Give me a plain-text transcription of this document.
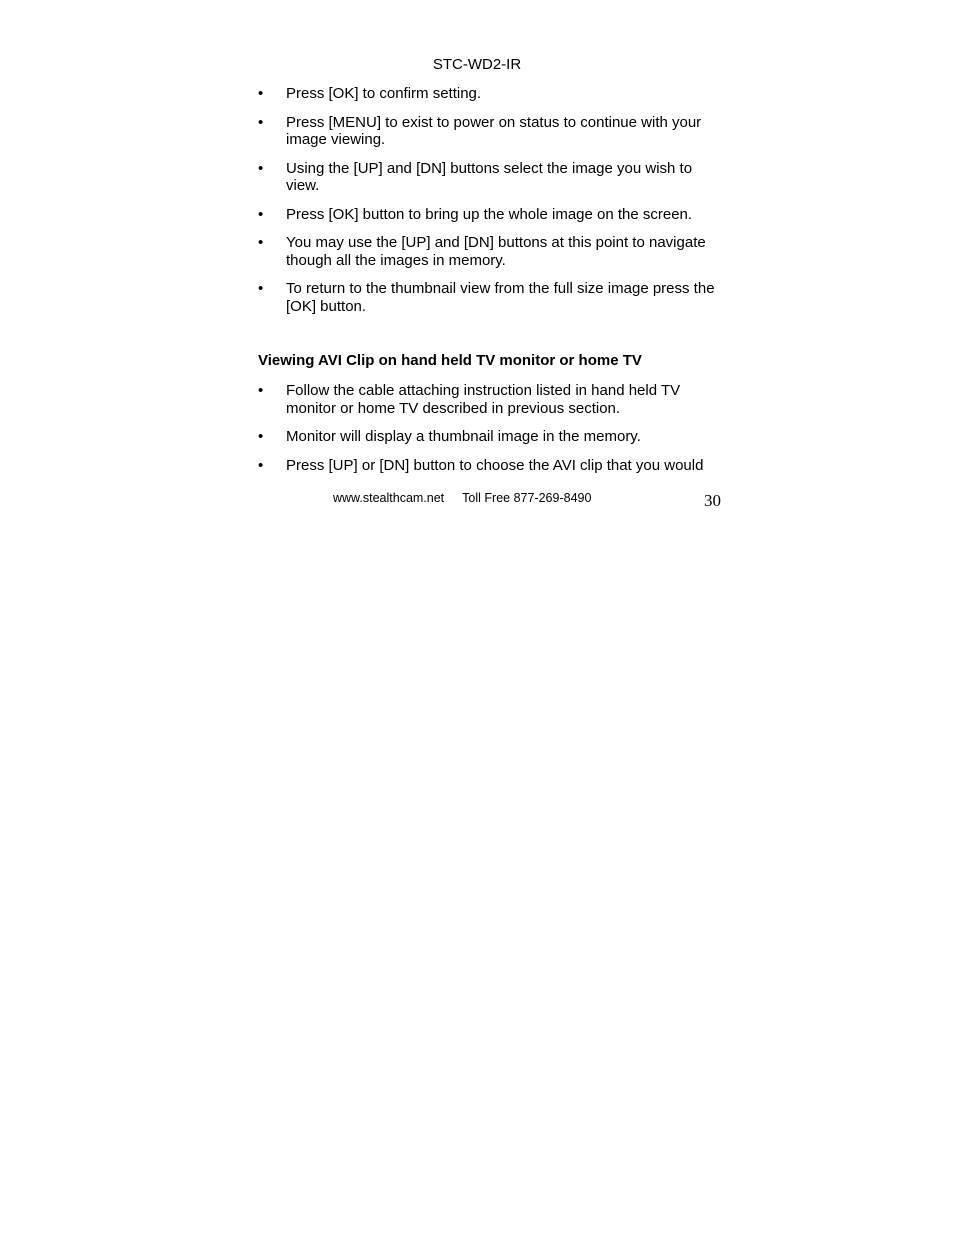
STC-WD2-IR
•	Press [OK] to confirm setting.
•	Press [MENU] to exist to power on status to continue with your image viewing.
•	Using the [UP] and [DN] buttons select the image you wish to view.
•	Press [OK] button to bring up the whole image on the screen.
•	You may use the [UP] and [DN] buttons at this point to navigate though all the images in memory.
•	To return to the thumbnail view from the full size image press the [OK] button.
Viewing AVI Clip on hand held TV monitor or home TV
•	Follow the cable attaching instruction listed in hand held TV monitor or home TV described in previous section.
•	Monitor will display a thumbnail image in the memory.
•	Press [UP] or [DN] button to choose the AVI clip that you would
www.stealthcam.net Toll Free 877-269-8490	30
